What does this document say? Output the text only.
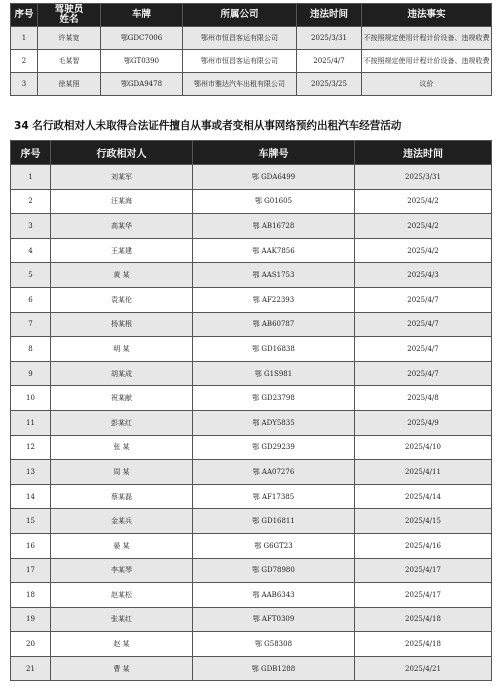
序号	驾驶员姓名	车牌	所属公司	违法时间	违法事实
1	许某宽	鄂GDC7006	鄂州市恒昌客运有限公司	2025/3/31	不按照规定使用计程计价设备、违规收费
2	毛某智	鄂GT0390	鄂州市恒昌客运有限公司	2025/4/7	不按照规定使用计程计价设备、违规收费
3	徐某照	鄂GDA9478	鄂州市雅达汽车出租有限公司	2025/3/25	议价
34 名行政相对人未取得合法证件擅自从事或者变相从事网络预约出租汽车经营活动
序号	行政相对人	车牌号	违法时间
1	刘某军	鄂 GDA6499	2025/3/31
2	汪某海	鄂 G01605	2025/4/2
3	高某华	鄂 AB16728	2025/4/2
4	王某建	鄂 AAK7856	2025/4/2
5	黄 某	鄂 AAS1753	2025/4/3
6	袁某伦	鄂 AF22393	2025/4/7
7	杨某根	鄂 AB60787	2025/4/7
8	明 某	鄂 GD16838	2025/4/7
9	胡某成	鄂 G1S981	2025/4/7
10	祝某献	鄂 GD23798	2025/4/8
11	彭某红	鄂 ADY5835	2025/4/9
12	张 某	鄂 GD29239	2025/4/10
13	周 某	鄂 AA07276	2025/4/11
14	蔡某磊	鄂 AF17385	2025/4/14
15	金某兵	鄂 GD16811	2025/4/15
16	晏 某	鄂 G6GT23	2025/4/16
17	李某琴	鄂 GD78980	2025/4/17
18	赵某松	鄂 AAB6343	2025/4/17
19	张某红	鄂 AFT0309	2025/4/18
20	赵 某	鄂 G58308	2025/4/18
21	曹 某	鄂 GDB1288	2025/4/21
